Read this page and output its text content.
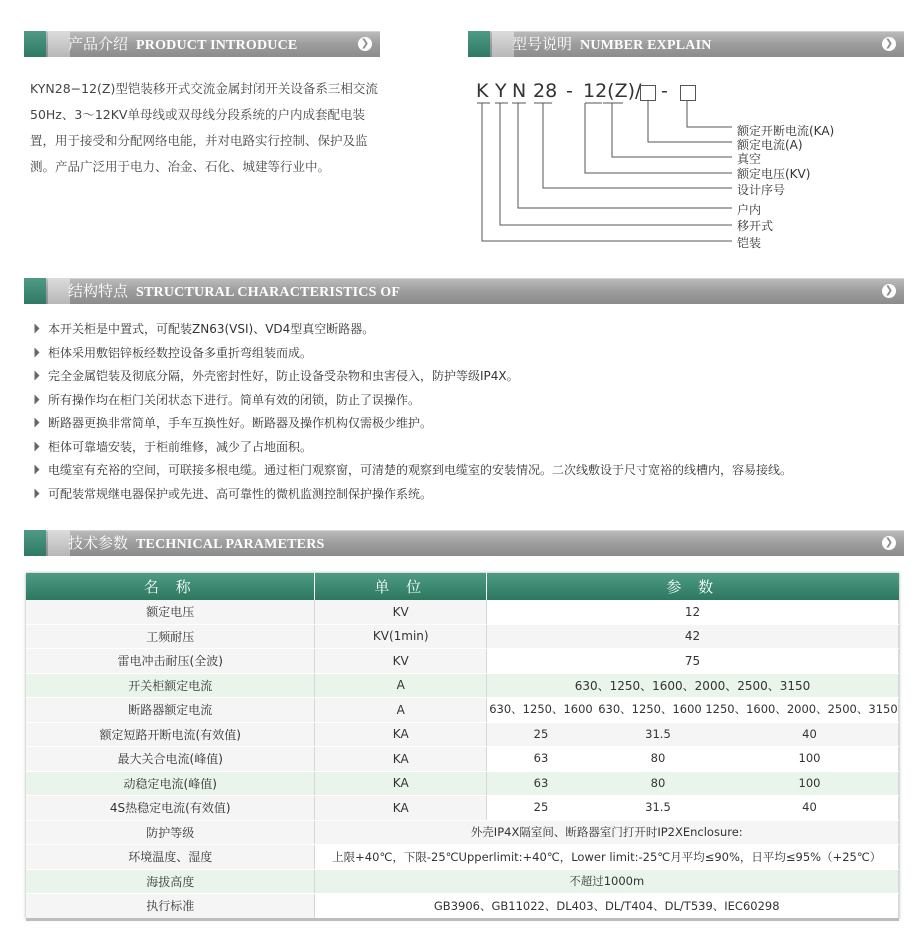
产品介绍 PRODUCT INTRODUCE	❯	型号说明 NUMBER EXPLAIN	❯
KYN28−12(Z)型铠装移开式交流金属封闭开关设备系三相交流50Hz、3～12KV单母线或双母线分段系统的户内成套配电装置，用于接受和分配网络电能，并对电路实行控制、保护及监测。产品广泛用于电力、冶金、石化、城建等行业中。
K Y N 28 - 12(Z)/ -
额定开断电流(KA)
额定电流(A)
真空
额定电压(KV)
设计序号
户内
移开式
铠装
结构特点 STRUCTURAL CHARACTERISTICS OF	❯
本开关柜是中置式，可配装ZN63(VSI)、VD4型真空断路器。
柜体采用敷铝锌板经数控设备多重折弯组装而成。
完全金属铠装及彻底分隔，外壳密封性好，防止设备受杂物和虫害侵入，防护等级IP4X。
所有操作均在柜门关闭状态下进行。简单有效的闭锁，防止了误操作。
断路器更换非常简单，手车互换性好。断路器及操作机构仅需极少维护。
柜体可靠墙安装，于柜前维修，减少了占地面积。
电缆室有充裕的空间，可联接多根电缆。通过柜门观察窗，可清楚的观察到电缆室的安装情况。二次线敷设于尺寸宽裕的线槽内，容易接线。
可配装常规继电器保护或先进、高可靠性的微机监测控制保护操作系统。
技术参数 TECHNICAL PARAMETERS	❯
名 称	单 位	参 数
额定电压	KV	12
工频耐压	KV(1min)	42
雷电冲击耐压(全波)	KV	75
开关柜额定电流	A	630、1250、1600、2000、2500、3150
断路器额定电流	A	630、1250、1600 630、1250、1600 1250、1600、2000、2500、3150

额定短路开断电流(有效值)	KA	25 31.5 40

最大关合电流(峰值)	KA	63 80 100

动稳定电流(峰值)	KA	63 80 100

4S热稳定电流(有效值)	KA	25 31.5 40

防护等级	外壳IP4X隔室间、断路器室门打开时IP2XEnclosure:	
环境温度、湿度	上限+40℃，下限-25℃Upperlimit:+40℃，Lower limit:-25℃月平均≤90%，日平均≤95%（+25℃）	
海拔高度	不超过1000m	
执行标准	GB3906、GB11022、DL403、DL/T404、DL/T539、IEC60298	
